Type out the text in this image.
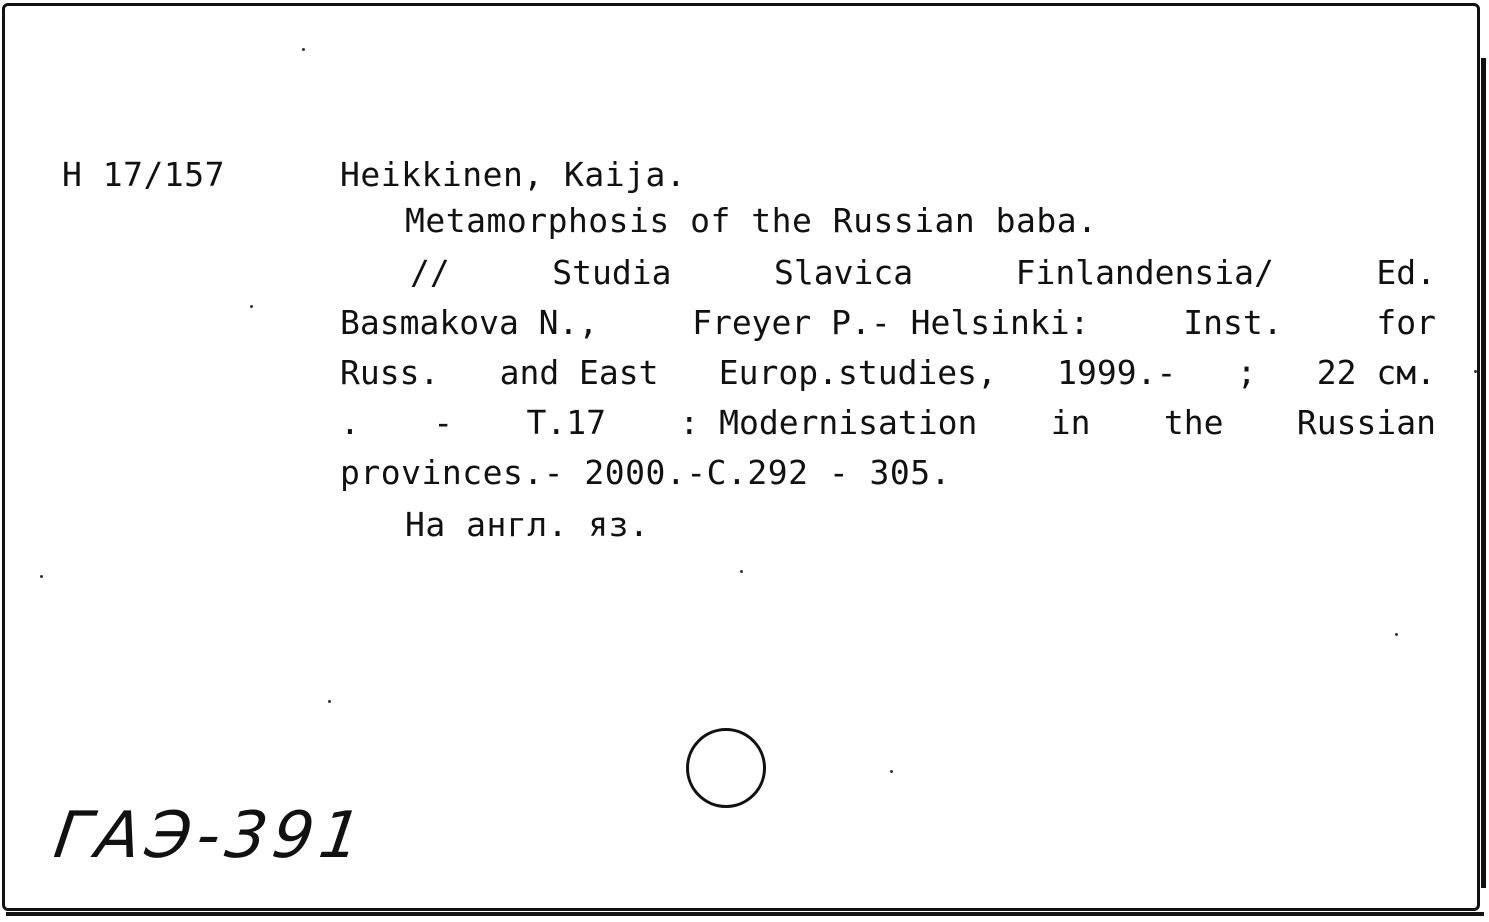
H 17/157	Heikkinen, Kaija.
Metamorphosis of the Russian baba.
//	Studia	Slavica	Finlandensia/	Ed.
Basmakova N.,	Freyer P.- Helsinki:	Inst.	for
Russ. and East Europ.studies, 1999.- ; 22 см.
. - T.17 : Modernisation in the Russian
provinces.- 2000.-C.292 - 305.
На англ. яз.
ГАЭ-391
